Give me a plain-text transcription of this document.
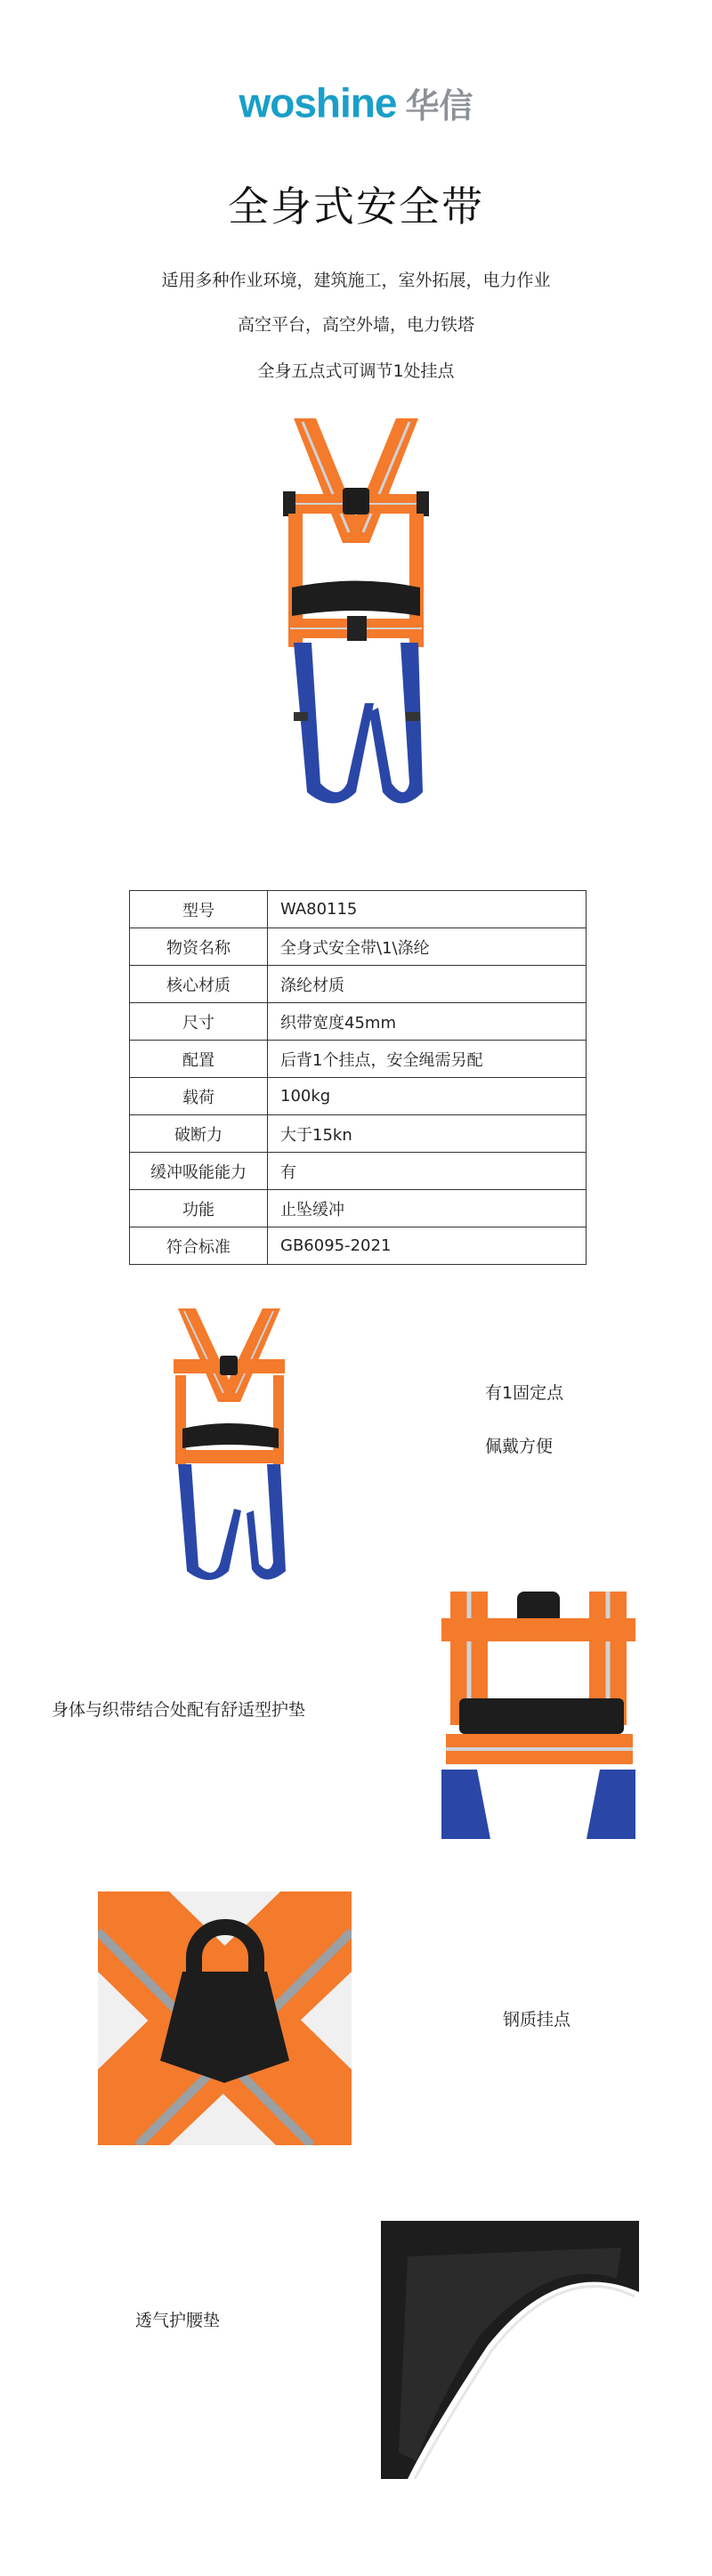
woshine 华信
全身式安全带
适用多种作业环境，建筑施工，室外拓展，电力作业
高空平台，高空外墙，电力铁塔
全身五点式可调节1处挂点
型号	WA80115
物资名称	全身式安全带\1\涤纶
核心材质	涤纶材质
尺寸	织带宽度45mm
配置	后背1个挂点，安全绳需另配
载荷	100kg
破断力	大于15kn
缓冲吸能能力	有
功能	止坠缓冲
符合标准	GB6095-2021
有1固定点
佩戴方便
身体与织带结合处配有舒适型护垫
钢质挂点
透气护腰垫
